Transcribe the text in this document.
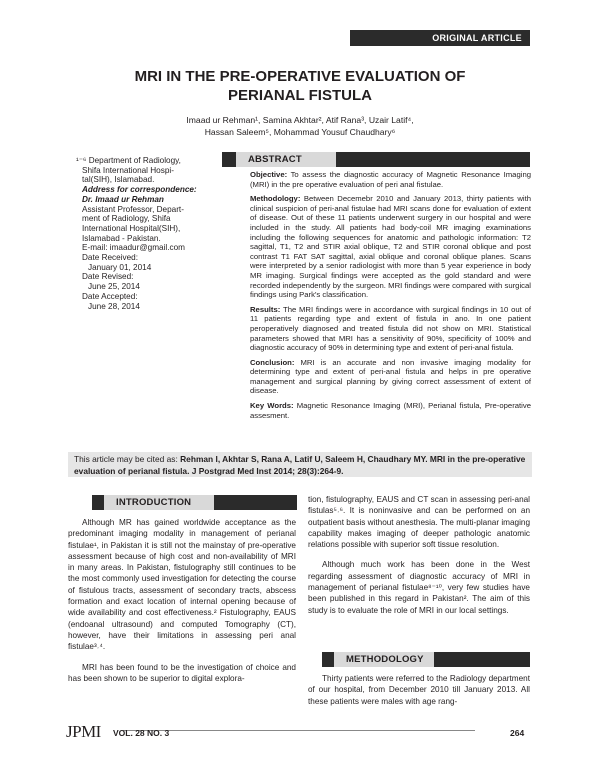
ORIGINAL ARTICLE
MRI IN THE PRE-OPERATIVE EVALUATION OF
PERIANAL FISTULA
Imaad ur Rehman¹, Samina Akhtar², Atif Rana³, Uzair Latif⁴,
Hassan Saleem⁵, Mohammad Yousuf Chaudhary⁶
¹⁻⁶ Department of Radiology,
Shifa International Hospi-
tal(SIH), Islamabad.
Address for correspondence:
Dr. Imaad ur Rehman
Assistant Professor, Depart-
ment of Radiology, Shifa
International Hospital(SIH),
Islamabad - Pakistan.
E-mail: imaadur@gmail.com
Date Received:
January 01, 2014
Date Revised:
June 25, 2014
Date Accepted:
June 28, 2014
ABSTRACT

Objective: To assess the diagnostic accuracy of Magnetic Resonance Imaging (MRI) in the pre operative evaluation of peri anal fistulae.

Methodology: Between Decemebr 2010 and January 2013, thirty patients with clinical suspicion of peri-anal fistulae had MRI scans done for evaluation of extent of disease. Out of these 11 patients underwent surgery in our hospital and were included in the study. All patients had body-coil MR imaging examinations including the following sequences for anatomic and pathologic information: T2 sagittal, T1, T2 and STIR axial oblique, T2 and STIR coronal oblique and post contrast T1 FAT SAT sagittal, axial oblique and coronal oblique planes. Scans were interpreted by a senior radiologist with more than 5 year experience in body MR imaging. Surgical findings were accepted as the gold standard and were recorded independently by the surgeon. MRI findings were compared with surgical findings using Park's classification.

Results: The MRI findings were in accordance with surgical findings in 10 out of 11 patients regarding type and extent of fistula in ano. In one patient peroperatively diagnosed and treated fistula did not show on MRI. Statistical parameters showed that MRI has a sensitivity of 90%, specificity of 100% and diagnostic accuracy of 90% in determining type and extent of peri-anal fistula.

Conclusion: MRI is an accurate and non invasive imaging modality for determining type and extent of peri-anal fistula and helps in pre operative management and surgical planning by giving correct assessment of extent of disease.

Key Words: Magnetic Resonance Imaging (MRI), Perianal fistula, Pre-operative assesment.

This article may be cited as: Rehman I, Akhtar S, Rana A, Latif U, Saleem H, Chaudhary MY. MRI in the pre-operative evaluation of perianal fistula. J Postgrad Med Inst 2014; 28(3):264-9.
INTRODUCTION

Although MR has gained worldwide acceptance as the predominant imaging modality in management of perianal fistulae¹, in Pakistan it is still not the mainstay of pre-operative assessment because of high cost and non-availability of MRI in many areas. In Pakistan, fistulography still continues to be the most commonly used investigation for detecting the course of fistulous tracts, assessment of secondary tracts, abscess formation and exact location of internal opening because of wide availability and cost effectiveness.² Fistulography, EAUS (endoanal ultrasound) and computed Tomography (CT), however, have their limitations in assessing peri anal fistulae³˒⁴.

MRI has been found to be the investigation of choice and has been shown to be superior to digital explora-

tion, fistulography, EAUS and CT scan in assessing peri-anal fistulas⁵˒⁶. It is noninvasive and can be performed on an outpatient basis without anesthesia. The multi-planar imaging capability makes imaging of deeper pathologic anatomic relations possible with superior soft tissue resolution.

Although much work has been done in the West regarding assessment of diagnostic accuracy of MRI in management of perianal fistulae⁸⁻¹⁰, very few studies have been published in this regard in Pakistan². The aim of this study is to evaluate the role of MRI in our local settings.

METHODOLOGY

Thirty patients were referred to the Radiology department of our hospital, from December 2010 till January 2013. All these patients were males with age rang-

JPMI VOL. 28 NO. 3	264
